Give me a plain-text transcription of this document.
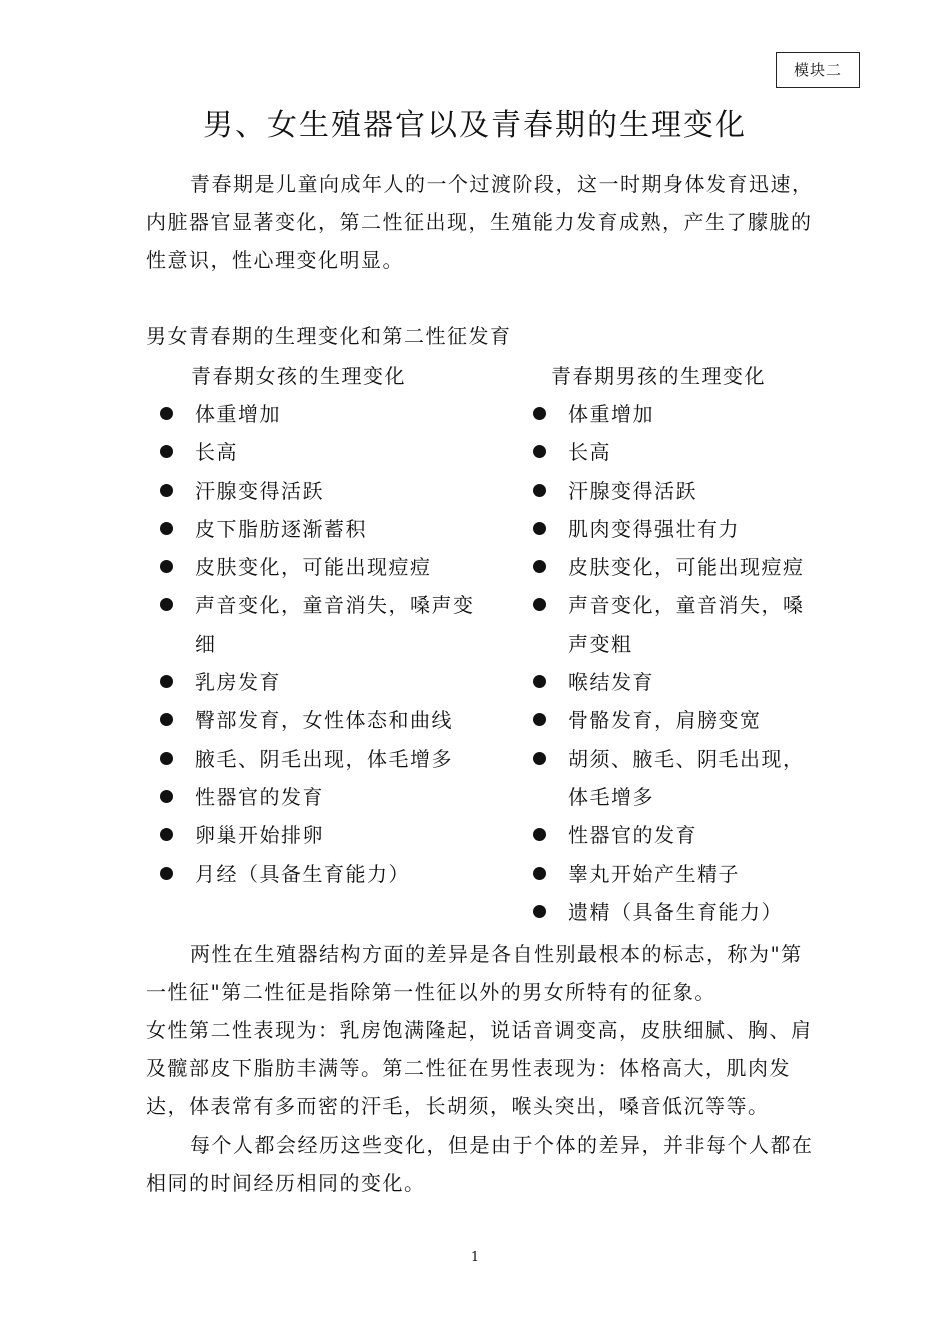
模块二
男、女生殖器官以及青春期的生理变化

青春期是儿童向成年人的一个过渡阶段，这一时期身体发育迅速，内脏器官显著变化，第二性征出现，生殖能力发育成熟，产生了朦胧的性意识，性心理变化明显。

男女青春期的生理变化和第二性征发育
青春期女孩的生理变化	青春期男孩的生理变化
体重增加
长高
汗腺变得活跃
皮下脂肪逐渐蓄积
皮肤变化，可能出现痘痘
声音变化，童音消失，嗓声变细
乳房发育
臀部发育，女性体态和曲线
腋毛、阴毛出现，体毛增多
性器官的发育
卵巢开始排卵
月经（具备生育能力）
体重增加
长高
汗腺变得活跃
肌肉变得强壮有力
皮肤变化，可能出现痘痘
声音变化，童音消失，嗓声变粗
喉结发育
骨骼发育，肩膀变宽
胡须、腋毛、阴毛出现，体毛增多
性器官的发育
睾丸开始产生精子
遗精（具备生育能力）

两性在生殖器结构方面的差异是各自性别最根本的标志，称为"第一性征"第二性征是指除第一性征以外的男女所特有的征象。

女性第二性表现为：乳房饱满隆起，说话音调变高，皮肤细腻、胸、肩及髋部皮下脂肪丰满等。第二性征在男性表现为：体格高大，肌肉发达，体表常有多而密的汗毛，长胡须，喉头突出，嗓音低沉等等。

每个人都会经历这些变化，但是由于个体的差异，并非每个人都在相同的时间经历相同的变化。

1
